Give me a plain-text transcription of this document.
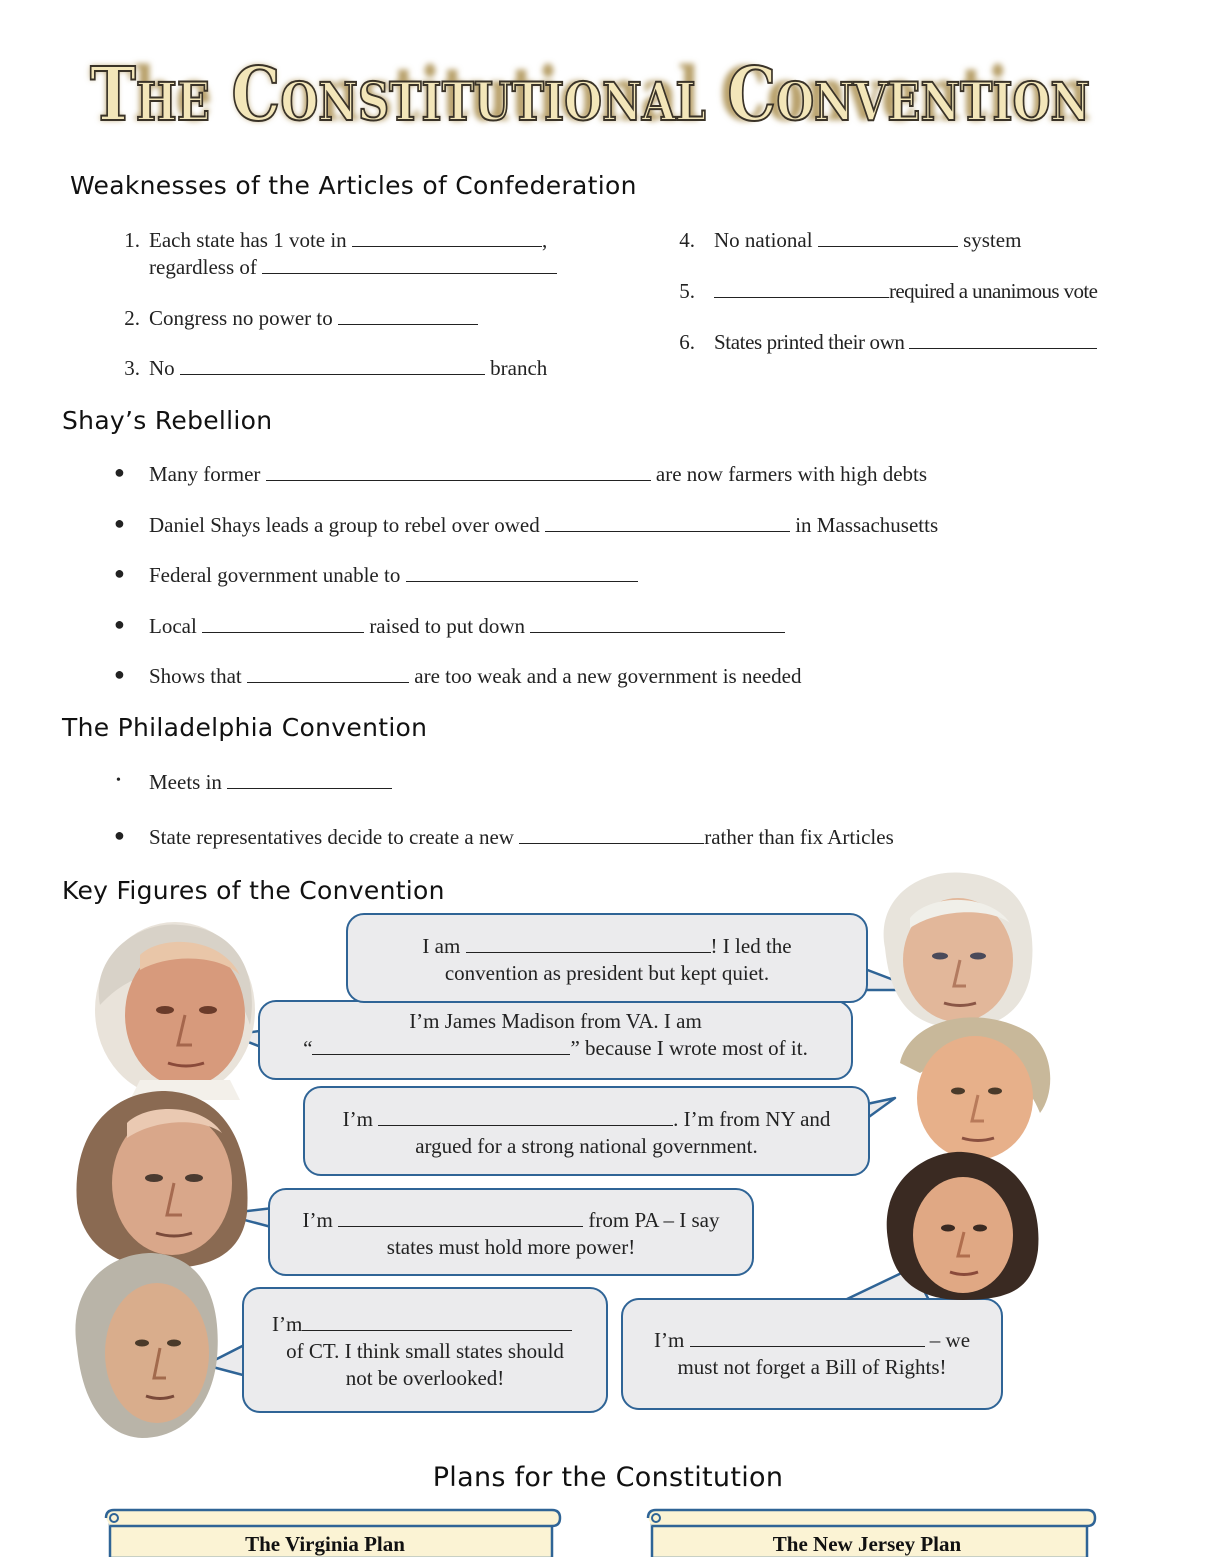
The Constitutional Convention
The Constitutional Convention
Weaknesses of the Articles of Confederation
1. Each state has 1 vote in	,
regardless of
2. Congress no power to
3. No	branch
4. No national	system
5.	required a unanimous vote
6. States printed their own
Shay’s Rebellion
● Many former	are now farmers with high debts
● Daniel Shays leads a group to rebel over owed	in Massachusetts
● Federal government unable to
● Local	raised to put down
● Shows that	are too weak and a new government is needed
The Philadelphia Convention
• Meets in
● State representatives decide to create a new	rather than fix Articles
Key Figures of the Convention
I’m James Madison from VA. I am
“	” because I wrote most of it.
I am	! I led the
convention as president but kept quiet.
I’m	. I’m from NY and
argued for a strong national government.
I’m	from PA – I say
states must hold more power!
I’m
of CT. I think small states should
not be overlooked!
I’m	– we
must not forget a Bill of Rights!
Plans for the Constitution
The Virginia Plan	The New Jersey Plan
